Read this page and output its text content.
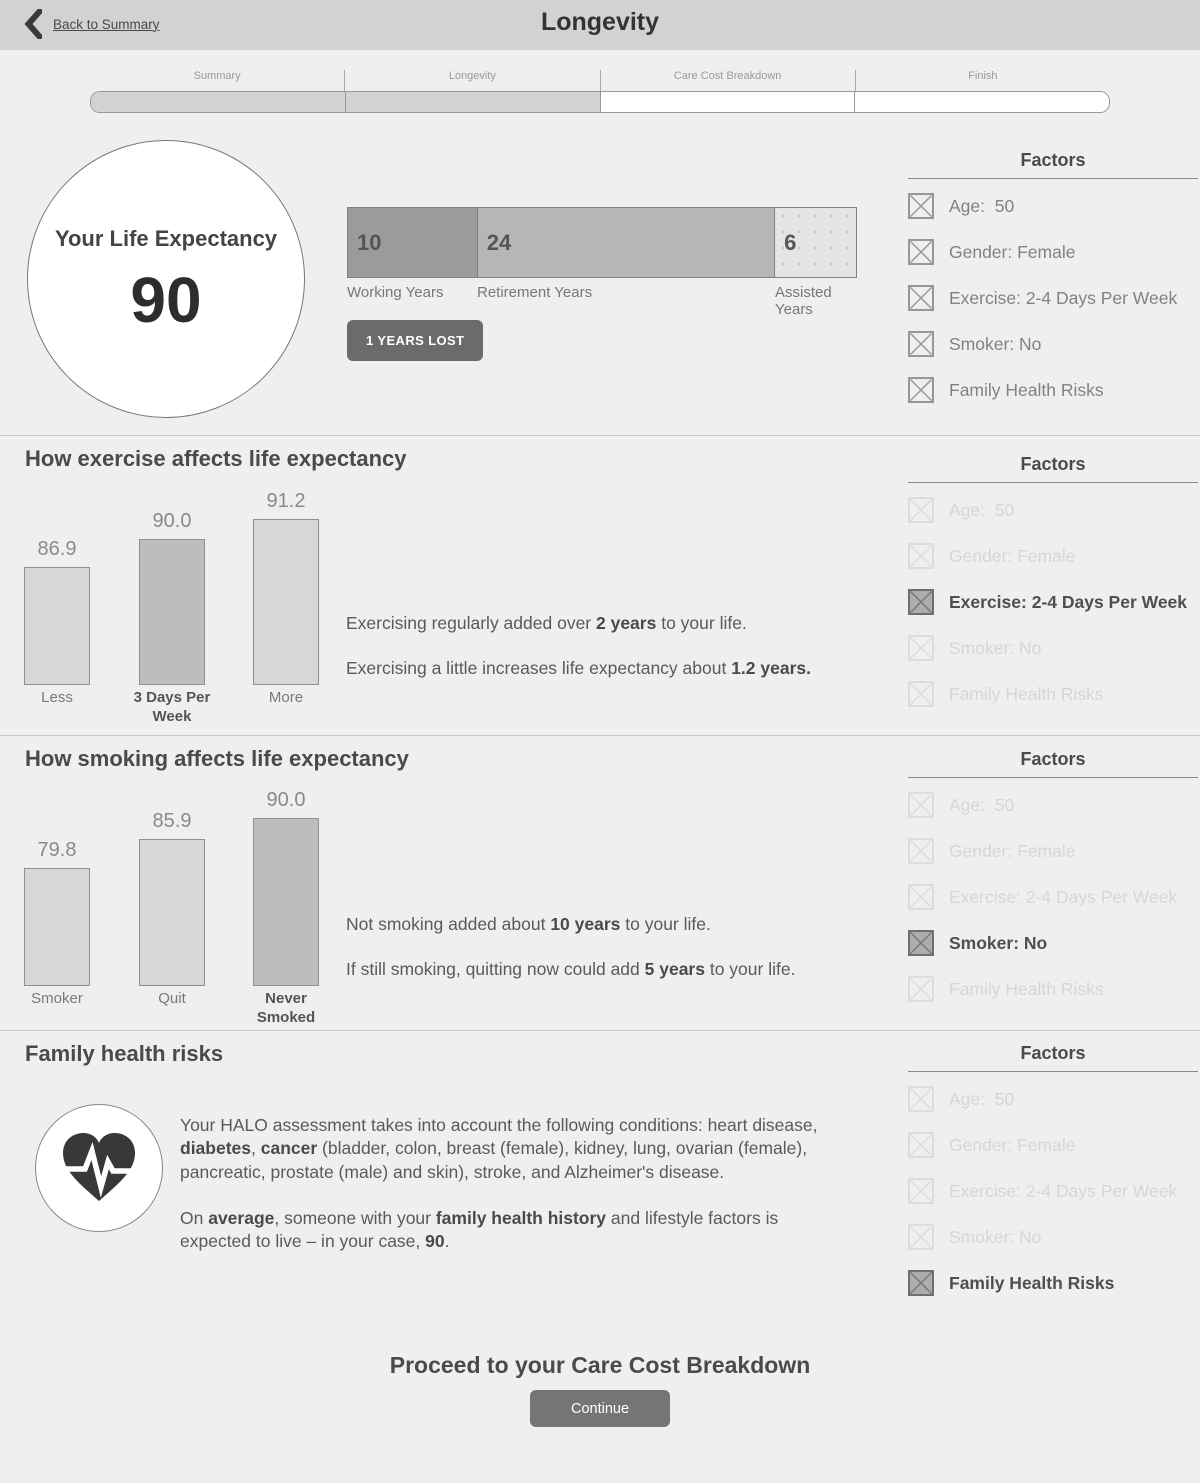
Back to Summary	Longevity
Summary	Longevity	Care Cost Breakdown	Finish
Your Life Expectancy
90
10	24	6
Working Years	Retirement Years	Assisted Years
1 YEARS LOST
Factors
Age:  50
Gender: Female
Exercise: 2-4 Days Per Week
Smoker: No
Family Health Risks
How exercise affects life expectancy
86.9
Less
90.0
3 Days Per Week
91.2
More
Exercising regularly added over 2 years to your life.
Exercising a little increases life expectancy about 1.2 years.
Factors
Age:  50
Gender: Female
Exercise: 2-4 Days Per Week
Smoker: No
Family Health Risks
How smoking affects life expectancy
79.8
Smoker
85.9
Quit
90.0
Never Smoked
Not smoking added about 10 years to your life.
If still smoking, quitting now could add 5 years to your life.
Factors
Age:  50
Gender: Female
Exercise: 2-4 Days Per Week
Smoker: No
Family Health Risks
Family health risks

Your HALO assessment takes into account the following conditions: heart disease, diabetes, cancer (bladder, colon, breast (female), kidney, lung, ovarian (female), pancreatic, prostate (male) and skin), stroke, and Alzheimer's disease.

On average, someone with your family health history and lifestyle factors is expected to live – in your case, 90.

Factors
Age:  50
Gender: Female
Exercise: 2-4 Days Per Week
Smoker: No
Family Health Risks
Proceed to your Care Cost Breakdown
Continue
